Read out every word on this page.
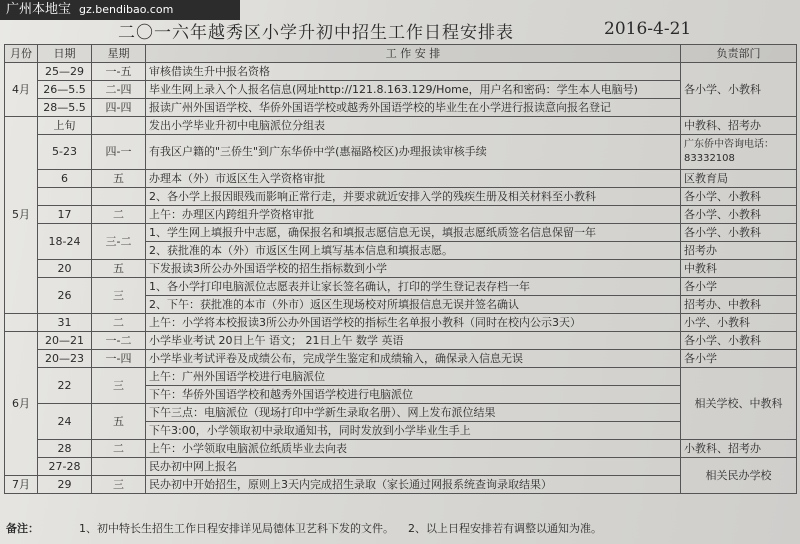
广州本地宝 gz.bendibao.com
二〇一六年越秀区小学升初中招生工作日程安排表	2016-4-21
月份	日期	星期	工 作 安 排	负责部门
4月	25—29	一-五	审核借读生升中报名资格	各小学、小教科
	26—5.5	二-四	毕业生网上录入个人报名信息(网址http://121.8.163.129/Home，用户名和密码：学生本人电脑号)	
	28—5.5	四-四	报读广州外国语学校、华侨外国语学校或越秀外国语学校的毕业生在小学进行报读意向报名登记	
5月	上旬		发出小学毕业升初中电脑派位分组表	中教科、招考办
	5-23	四-一	有我区户籍的"三侨生"到广东华侨中学(惠福路校区)办理报读审核手续	广东侨中咨询电话：83332108
	6	五	办理本（外）市返区生入学资格审批	区教育局
			2、各小学上报因眼残而影响正常行走，并要求就近安排入学的残疾生册及相关材料至小教科	各小学、小教科
	17	二	上午：办理区内跨组升学资格审批	各小学、小教科
	18-24	三-二	1、学生网上填报升中志愿，确保报名和填报志愿信息无误，填报志愿纸质签名信息保留一年	各小学、小教科
			2、获批准的本（外）市返区生网上填写基本信息和填报志愿。	招考办
	20	五	下发报读3所公办外国语学校的招生指标数到小学	中教科
	26	三	1、各小学打印电脑派位志愿表并让家长签名确认，打印的学生登记表存档一年	各小学
			2、下午：获批准的本市（外市）返区生现场校对所填报信息无误并签名确认	招考办、中教科
	31	二	上午：小学将本校报读3所公办外国语学校的指标生名单报小教科（同时在校内公示3天）	小学、小教科
6月	20—21	一-二	小学毕业考试 20日上午 语文； 21日上午 数学 英语	各小学、小教科
	20—23	一-四	小学毕业考试评卷及成绩公布，完成学生鉴定和成绩输入，确保录入信息无误	各小学
	22	三	上午：广州外国语学校进行电脑派位	相关学校、中教科
			下午：华侨外国语学校和越秀外国语学校进行电脑派位	
	24	五	下午三点：电脑派位（现场打印中学新生录取名册）、网上发布派位结果	
			下午3:00，小学领取初中录取通知书，同时发放到小学毕业生手上	
	28	二	上午：小学领取电脑派位纸质毕业去向表	小教科、招考办
	27-28		民办初中网上报名	相关民办学校
7月	29	三	民办初中开始招生，原则上3天内完成招生录取（家长通过网报系统查询录取结果）	
备注：	1、初中特长生招生工作日程安排详见局德体卫艺科下发的文件。 2、以上日程安排若有调整以通知为准。
